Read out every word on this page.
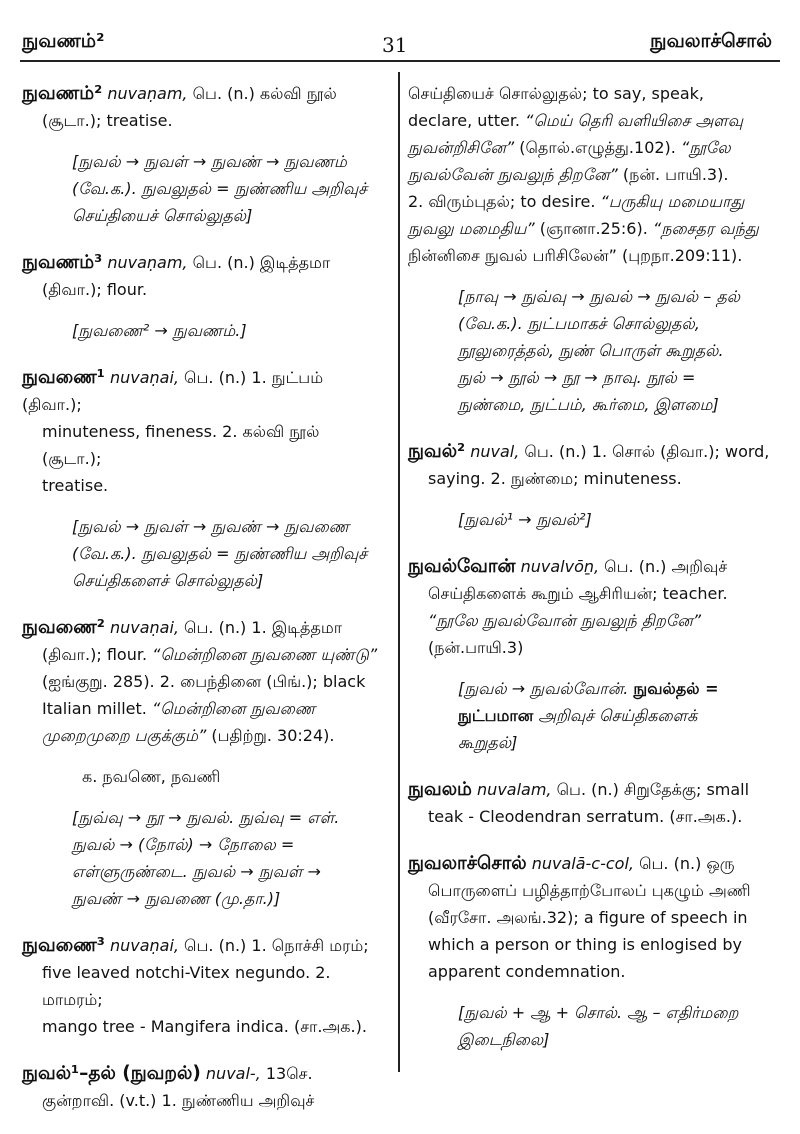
நுவணம்²	31	நுவலாச்சொல்

நுவணம்² nuvaṇam, பெ. (n.) கல்வி நூல்

(சூடா.); treatise.

[நுவல் → நுவள் → நுவண் → நுவணம்
(வே.க.). நுவலுதல் = நுண்ணிய அறிவுச்
செய்தியைச் சொல்லுதல்]

நுவணம்³ nuvaṇam, பெ. (n.) இடித்தமா

(திவா.); flour.

[நுவணை² → நுவணம்.]

நுவணை¹ nuvaṇai, பெ. (n.) 1. நுட்பம் (திவா.);

minuteness, fineness. 2. கல்வி நூல் (சூடா.);

treatise.

[நுவல் → நுவள் → நுவண் → நுவணை
(வே.க.). நுவலுதல் = நுண்ணிய அறிவுச்
செய்திகளைச் சொல்லுதல்]

நுவணை² nuvaṇai, பெ. (n.) 1. இடித்தமா

(திவா.); flour. “மென்றினை நுவணை யுண்டு”

(ஐங்குறு. 285). 2. பைந்தினை (பிங்.); black

Italian millet. “மென்றினை நுவணை

முறைமுறை பகுக்கும்” (பதிற்று. 30:24).

க. நவணெ, நவணி

[நுவ்வு → நூ → நுவல். நுவ்வு = எள்.
நுவல் → (நோல்) → நோலை =
எள்ளுருண்டை. நுவல் → நுவள் →
நுவண் → நுவணை (மு.தா.)]

நுவணை³ nuvaṇai, பெ. (n.) 1. நொச்சி மரம்;

five leaved notchi-Vitex negundo. 2. மாமரம்;

mango tree - Mangifera indica. (சா.அக.).

நுவல்¹–தல் (நுவறல்) nuval-, 13செ.

குன்றாவி. (v.t.) 1. நுண்ணிய அறிவுச்

செய்தியைச் சொல்லுதல்; to say, speak,

declare, utter. “மெய் தெரி வளியிசை அளவு

நுவன்றிசினே” (தொல்.எழுத்து.102). “நூலே

நுவல்வேன் நுவலுந் திறனே” (நன். பாயி.3).

2. விரும்புதல்; to desire. “பருகியு மமையாது

நுவலு மமைதிய” (ஞானா.25:6). “நசைதர வந்து

நின்னிசை நுவல் பரிசிலேன்” (புறநா.209:11).

[நாவு → நுவ்வு → நுவல் → நுவல் – தல்
(வே.க.). நுட்பமாகச் சொல்லுதல்,
நூலுரைத்தல், நுண் பொருள் கூறுதல்.
நுல் → நூல் → நூ → நாவு. நூல் =
நுண்மை, நுட்பம், கூர்மை, இளமை]

நுவல்² nuval, பெ. (n.) 1. சொல் (திவா.); word,

saying. 2. நுண்மை; minuteness.

[நுவல்¹ → நுவல்²]

நுவல்வோன் nuvalvōṉ, பெ. (n.) அறிவுச்

செய்திகளைக் கூறும் ஆசிரியன்; teacher.

“நூலே நுவல்வோன் நுவலுந் திறனே”

(நன்.பாயி.3)

[நுவல் → நுவல்வோன். நுவல்தல் =
நுட்பமான அறிவுச் செய்திகளைக்
கூறுதல்]

நுவலம் nuvalam, பெ. (n.) சிறுதேக்கு; small

teak - Cleodendran serratum. (சா.அக.).

நுவலாச்சொல் nuvalā-c-col, பெ. (n.) ஒரு

பொருளைப் பழித்தாற்போலப் புகழும் அணி

(வீரசோ. அலங்.32); a figure of speech in

which a person or thing is enlogised by

apparent condemnation.

[நுவல் + ஆ + சொல். ஆ – எதிர்மறை
இடைநிலை]
